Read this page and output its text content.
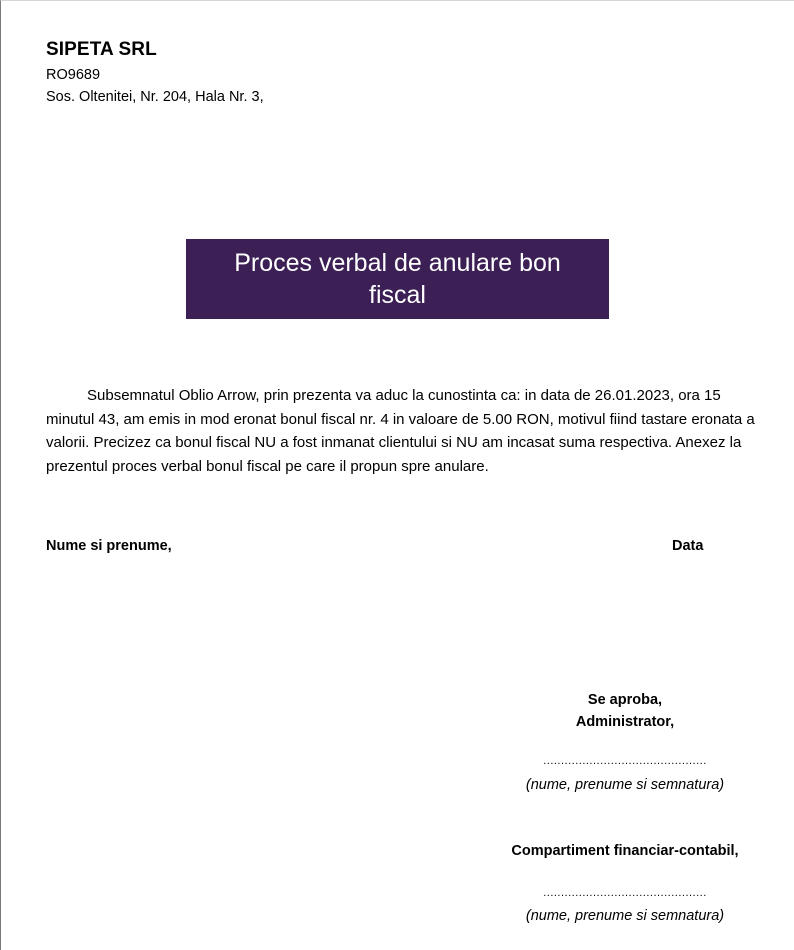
SIPETA SRL
RO9689
Sos. Oltenitei, Nr. 204, Hala Nr. 3,
Proces verbal de anulare bon fiscal

Subsemnatul Oblio Arrow, prin prezenta va aduc la cunostinta ca: in data de 26.01.2023, ora 15 minutul 43, am emis in mod eronat bonul fiscal nr. 4 in valoare de 5.00 RON, motivul fiind tastare eronata a valorii. Precizez ca bonul fiscal NU a fost inmanat clientului si NU am incasat suma respectiva. Anexez la prezentul proces verbal bonul fiscal pe care il propun spre anulare.

Nume si prenume,	Data
Se aproba,
Administrator,
..............................................
(nume, prenume si semnatura)
Compartiment financiar-contabil,
..............................................
(nume, prenume si semnatura)
